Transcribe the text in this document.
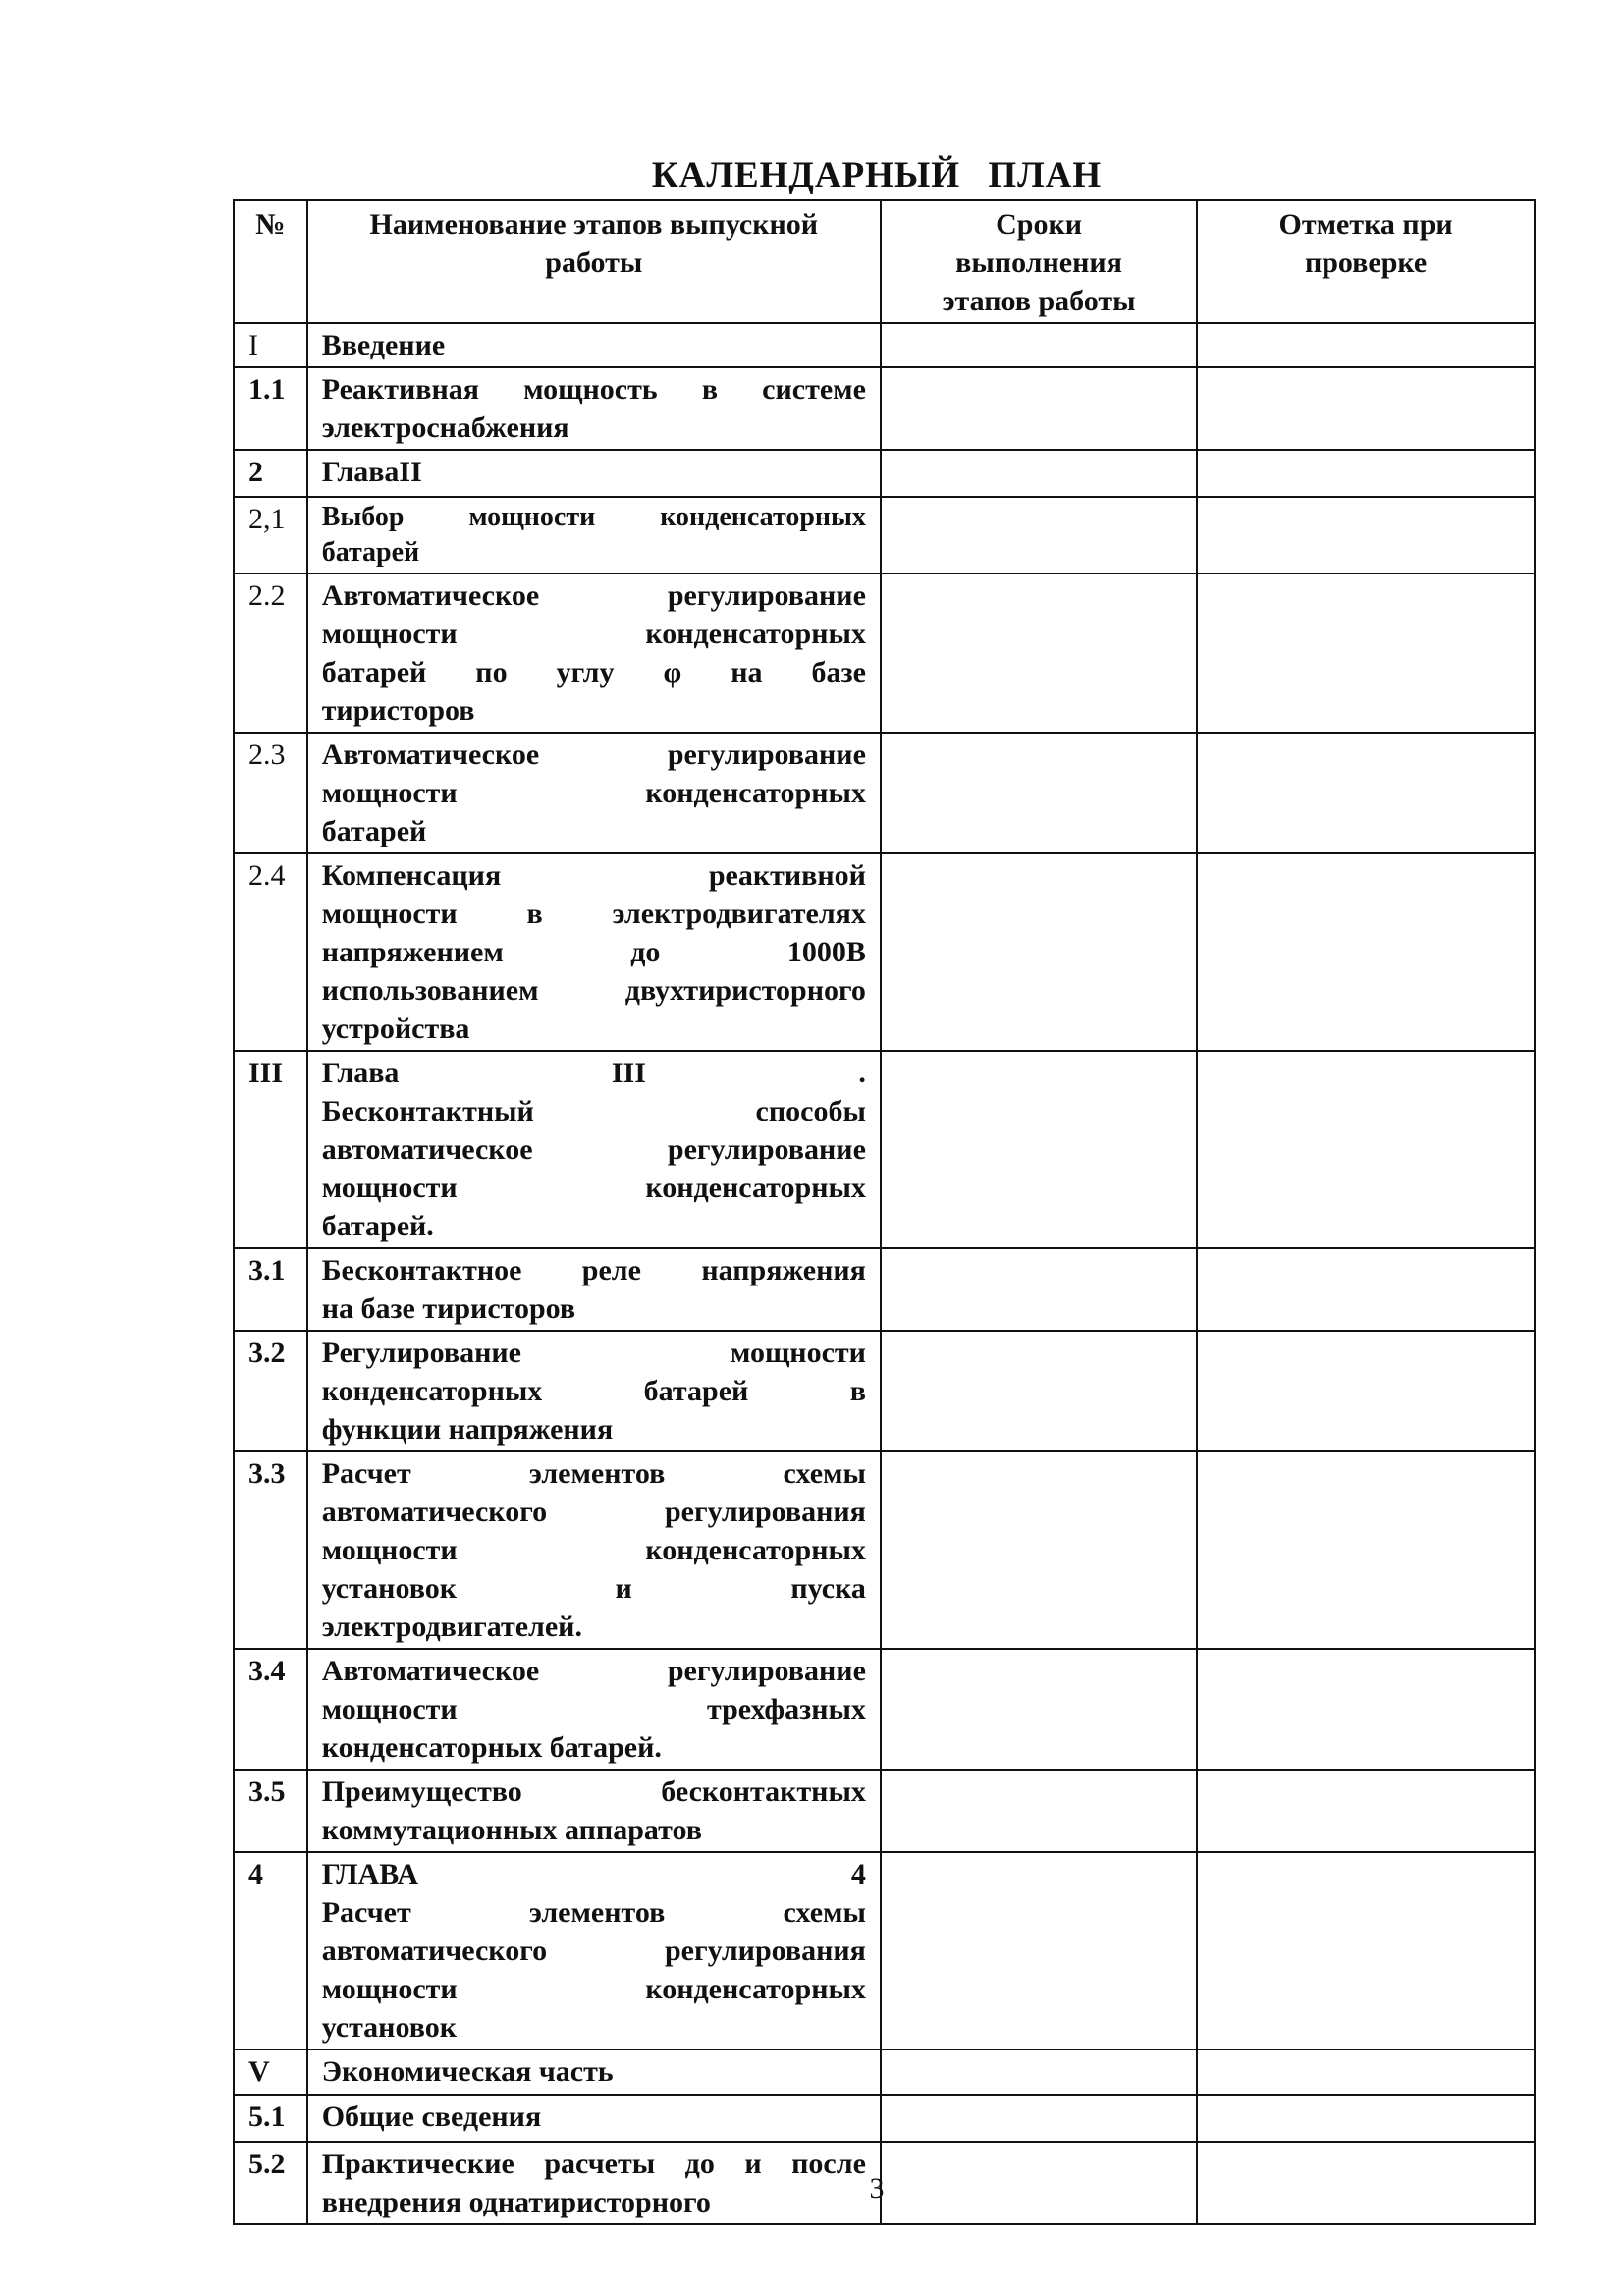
КАЛЕНДАРНЫЙ ПЛАН
№	Наименование этапов выпускной работы	Сроки выполнения этапов работы	Отметка при проверке
I	Введение		

1.1	Реактивная мощность в системе
электроснабжения		

2	ГлаваII		

2,1	Выбор мощности конденсаторных
батарей		

2.2	Автоматическое регулирование
мощности конденсаторных
батарей по углу φ на базе
тиристоров		

2.3	Автоматическое регулирование
мощности конденсаторных
батарей		

2.4	Компенсация реактивной
мощности в электродвигателях
напряжением до 1000В
использованием двухтиристорного
устройства		

III	Глава III .
Бесконтактный способы
автоматическое регулирование
мощности конденсаторных
батарей.		

3.1	Бесконтактное реле напряжения
на базе тиристоров		

3.2	Регулирование мощности
конденсаторных батарей в
функции напряжения		

3.3	Расчет элементов схемы
автоматического регулирования
мощности конденсаторных
установок и пуска
электродвигателей.		

3.4	Автоматическое регулирование
мощности трехфазных
конденсаторных батарей.		

3.5	Преимущество бесконтактных
коммутационных аппаратов		

4	ГЛАВА 4
Расчет элементов схемы
автоматического регулирования
мощности конденсаторных
установок		

V	Экономическая часть		

5.1	Общие сведения		

5.2	Практические расчеты до и после
внедрения однатиристорного		
			3
